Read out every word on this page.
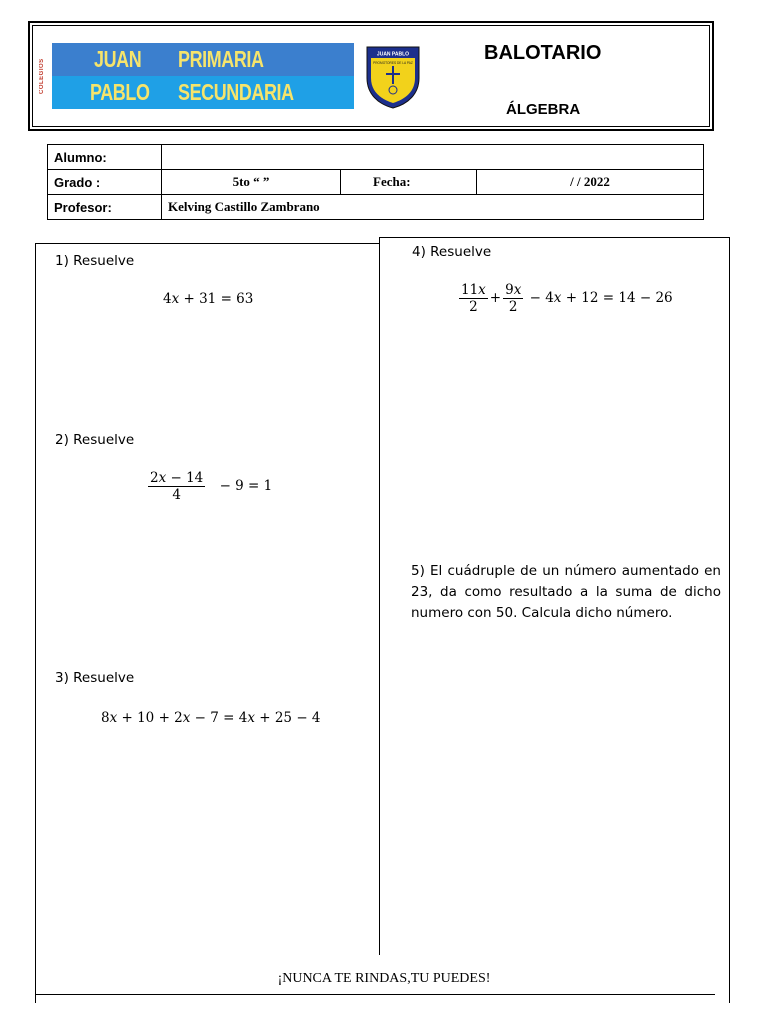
COLEGIOS JUAN PRIMARIA
PABLO SECUNDARIA
JUAN PABLO
PROMOTORES DE LA PAZ	BALOTARIO
ÁLGEBRA
Alumno:			
Grado :	5to “ ”	Fecha:	/ / 2022
Profesor:	Kelving Castillo Zambrano		
1) Resuelve
4𝑥 + 31 = 63
2) Resuelve
$\frac{\text{2𝑥 − 14}}{4} - 9 = 1$
3) Resuelve
8𝑥 + 10 + 2𝑥 − 7 = 4𝑥 + 25 − 4
4) Resuelve
$\frac{\text{11𝑥}}{2} + \frac{\text{9𝑥}}{2}$ − 4𝑥 + 12 = 14 − 26
5) El cuádruple de un número aumentado en 23, da como resultado a la suma de dicho numero con 50. Calcula dicho número.
¡NUNCA TE RINDAS,TU PUEDES!
